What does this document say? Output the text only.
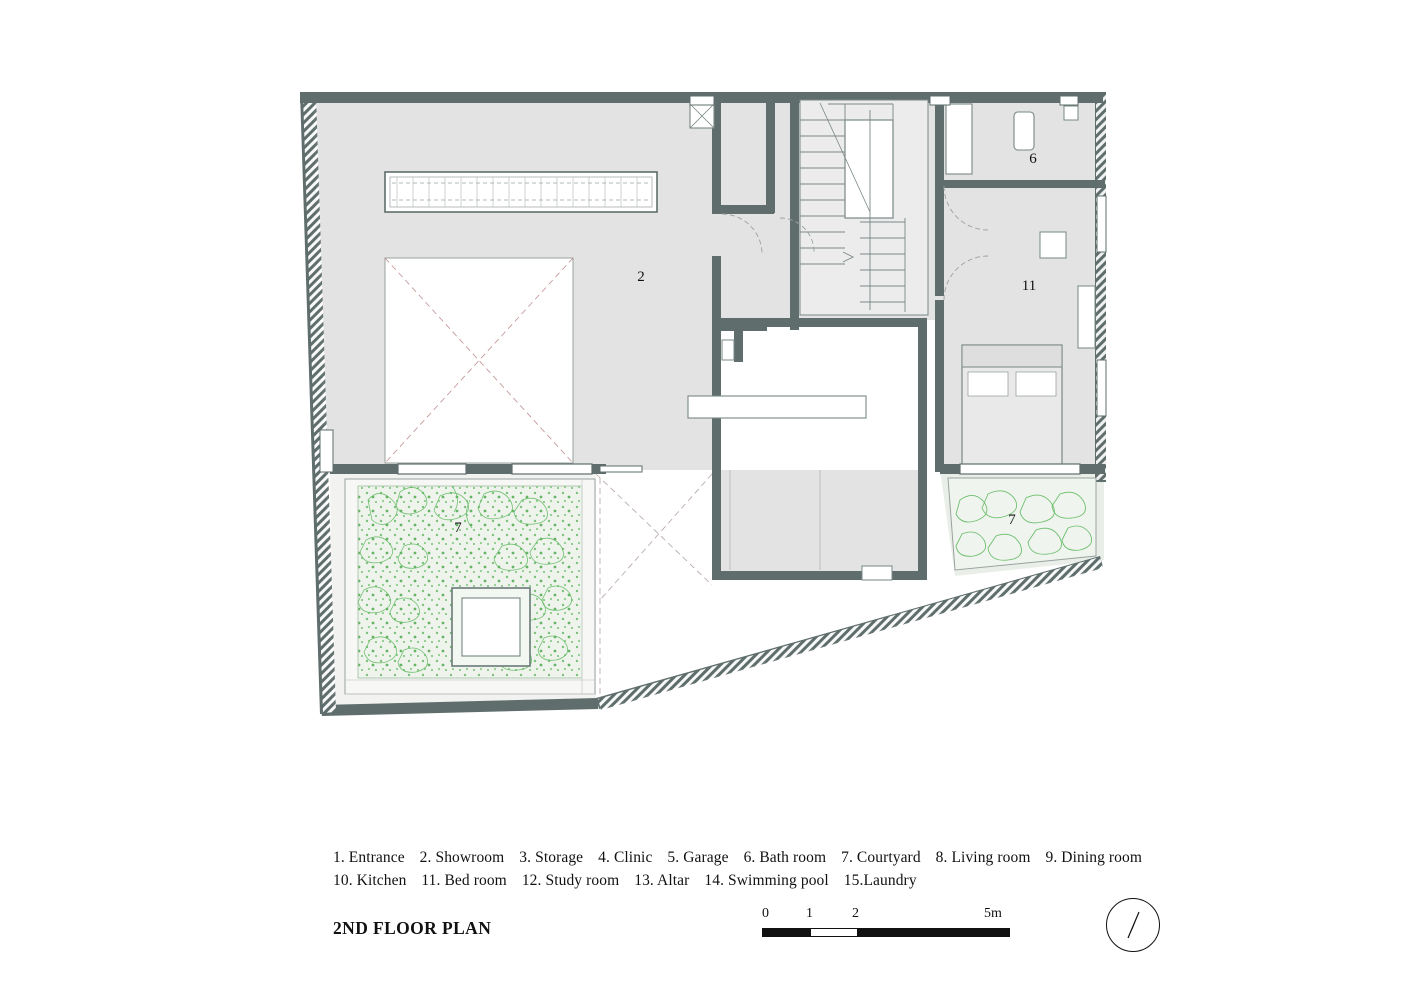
2
6
11
7	7
1. Entrance 2. Showroom 3. Storage 4. Clinic 5. Garage 6. Bath room 7. Courtyard 8. Living room 9. Dining room
10. Kitchen 11. Bed room 12. Study room 13. Altar 14. Swimming pool 15.Laundry
2ND FLOOR PLAN
0	1	2	5m
